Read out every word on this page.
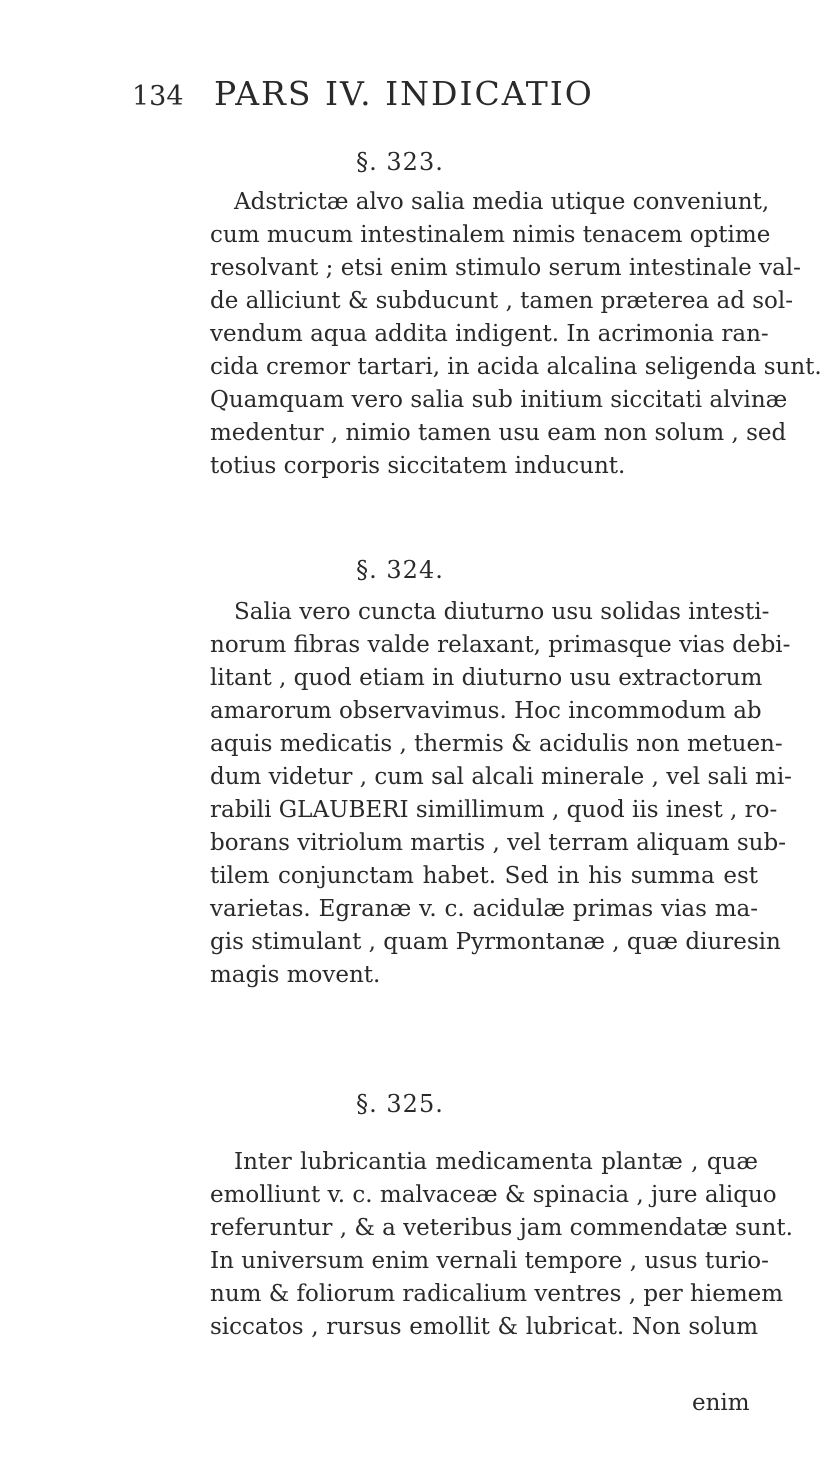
134 PARS IV. INDICATIO
§. 323.
Adstrictæ alvo salia media utique conveniunt,
cum mucum intestinalem nimis tenacem optime
resolvant ; etsi enim stimulo serum intestinale val-
de alliciunt & subducunt , tamen præterea ad sol-
vendum aqua addita indigent. In acrimonia ran-
cida cremor tartari, in acida alcalina seligenda sunt.
Quamquam vero salia sub initium siccitati alvinæ
medentur , nimio tamen usu eam non solum , sed
totius corporis siccitatem inducunt.
§. 324.
Salia vero cuncta diuturno usu solidas intesti-
norum fibras valde relaxant, primasque vias debi-
litant , quod etiam in diuturno usu extractorum
amarorum observavimus. Hoc incommodum ab
aquis medicatis , thermis & acidulis non metuen-
dum videtur , cum sal alcali minerale , vel sali mi-
rabili GLAUBERI simillimum , quod iis inest , ro-
borans vitriolum martis , vel terram aliquam sub-
tilem conjunctam habet. Sed in his summa est
varietas. Egranæ v. c. acidulæ primas vias ma-
gis stimulant , quam Pyrmontanæ , quæ diuresin
magis movent.
§. 325.
Inter lubricantia medicamenta plantæ , quæ
emolliunt v. c. malvaceæ & spinacia , jure aliquo
referuntur , & a veteribus jam commendatæ sunt.
In universum enim vernali tempore , usus turio-
num & foliorum radicalium ventres , per hiemem
siccatos , rursus emollit & lubricat. Non solum
enim
